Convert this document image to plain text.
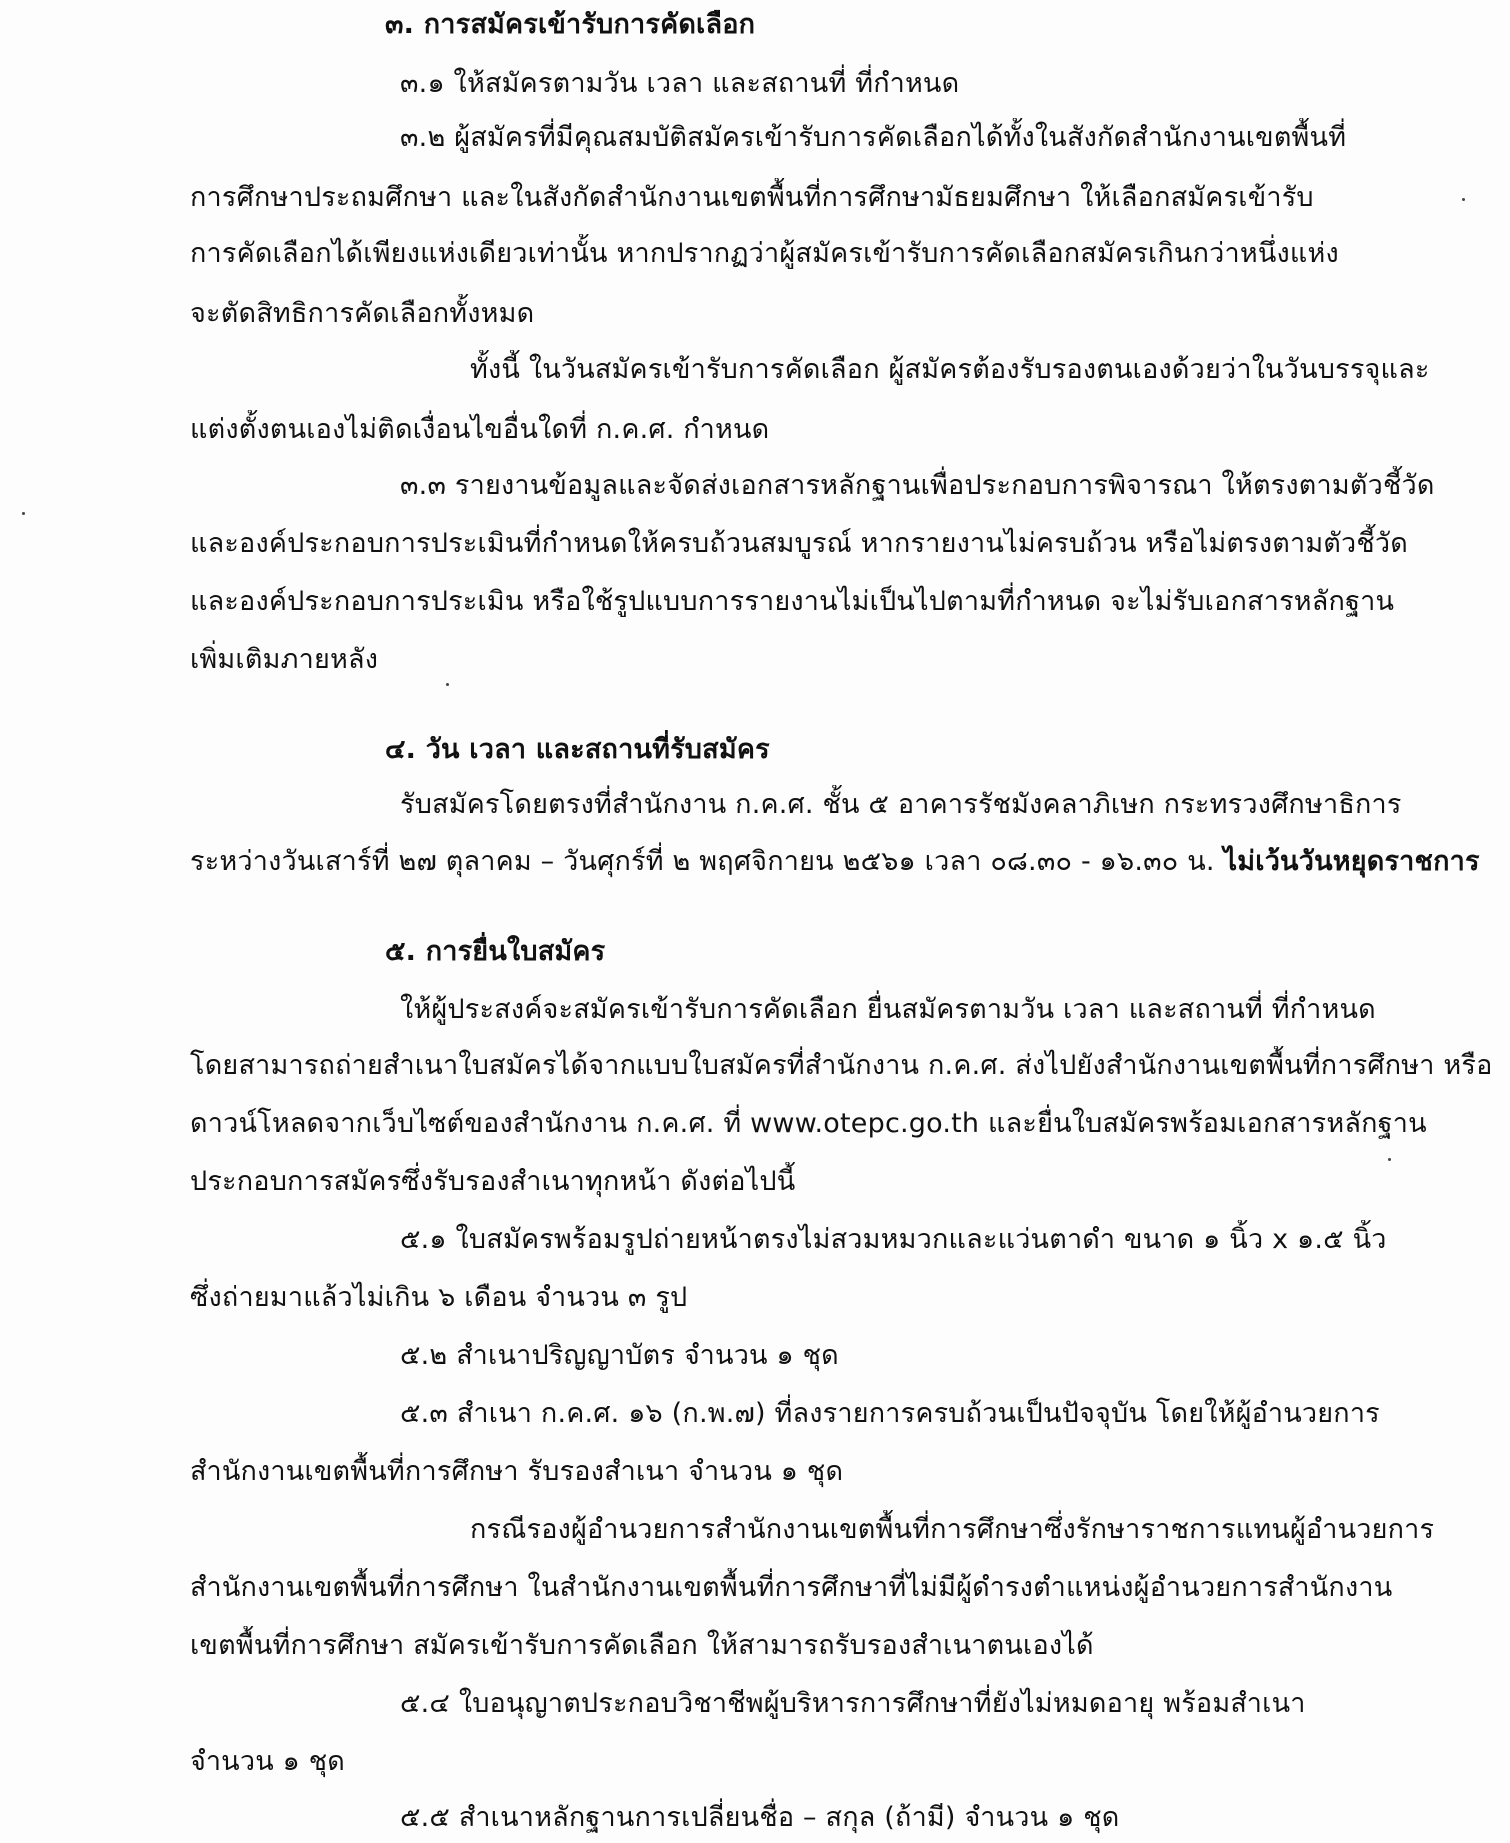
๓. การสมัครเข้ารับการคัดเลือก
๓.๑ ให้สมัครตามวัน เวลา และสถานที่ ที่กำหนด
๓.๒ ผู้สมัครที่มีคุณสมบัติสมัครเข้ารับการคัดเลือกได้ทั้งในสังกัดสำนักงานเขตพื้นที่
การศึกษาประถมศึกษา และในสังกัดสำนักงานเขตพื้นที่การศึกษามัธยมศึกษา ให้เลือกสมัครเข้ารับ
การคัดเลือกได้เพียงแห่งเดียวเท่านั้น หากปรากฏว่าผู้สมัครเข้ารับการคัดเลือกสมัครเกินกว่าหนึ่งแห่ง
จะตัดสิทธิการคัดเลือกทั้งหมด
ทั้งนี้ ในวันสมัครเข้ารับการคัดเลือก ผู้สมัครต้องรับรองตนเองด้วยว่าในวันบรรจุและ
แต่งตั้งตนเองไม่ติดเงื่อนไขอื่นใดที่ ก.ค.ศ. กำหนด
๓.๓ รายงานข้อมูลและจัดส่งเอกสารหลักฐานเพื่อประกอบการพิจารณา ให้ตรงตามตัวชี้วัด
และองค์ประกอบการประเมินที่กำหนดให้ครบถ้วนสมบูรณ์ หากรายงานไม่ครบถ้วน หรือไม่ตรงตามตัวชี้วัด
และองค์ประกอบการประเมิน หรือใช้รูปแบบการรายงานไม่เป็นไปตามที่กำหนด จะไม่รับเอกสารหลักฐาน
เพิ่มเติมภายหลัง
๔. วัน เวลา และสถานที่รับสมัคร
รับสมัครโดยตรงที่สำนักงาน ก.ค.ศ. ชั้น ๕ อาคารรัชมังคลาภิเษก กระทรวงศึกษาธิการ
ระหว่างวันเสาร์ที่ ๒๗ ตุลาคม – วันศุกร์ที่ ๒ พฤศจิกายน ๒๕๖๑ เวลา ๐๘.๓๐ - ๑๖.๓๐ น. ไม่เว้นวันหยุดราชการ
๕. การยื่นใบสมัคร
ให้ผู้ประสงค์จะสมัครเข้ารับการคัดเลือก ยื่นสมัครตามวัน เวลา และสถานที่ ที่กำหนด
โดยสามารถถ่ายสำเนาใบสมัครได้จากแบบใบสมัครที่สำนักงาน ก.ค.ศ. ส่งไปยังสำนักงานเขตพื้นที่การศึกษา หรือ
ดาวน์โหลดจากเว็บไซต์ของสำนักงาน ก.ค.ศ. ที่ www.otepc.go.th และยื่นใบสมัครพร้อมเอกสารหลักฐาน
ประกอบการสมัครซึ่งรับรองสำเนาทุกหน้า ดังต่อไปนี้
๕.๑ ใบสมัครพร้อมรูปถ่ายหน้าตรงไม่สวมหมวกและแว่นตาดำ ขนาด ๑ นิ้ว x ๑.๕ นิ้ว
ซึ่งถ่ายมาแล้วไม่เกิน ๖ เดือน จำนวน ๓ รูป
๕.๒ สำเนาปริญญาบัตร จำนวน ๑ ชุด
๕.๓ สำเนา ก.ค.ศ. ๑๖ (ก.พ.๗) ที่ลงรายการครบถ้วนเป็นปัจจุบัน โดยให้ผู้อำนวยการ
สำนักงานเขตพื้นที่การศึกษา รับรองสำเนา จำนวน ๑ ชุด
กรณีรองผู้อำนวยการสำนักงานเขตพื้นที่การศึกษาซึ่งรักษาราชการแทนผู้อำนวยการ
สำนักงานเขตพื้นที่การศึกษา ในสำนักงานเขตพื้นที่การศึกษาที่ไม่มีผู้ดำรงตำแหน่งผู้อำนวยการสำนักงาน
เขตพื้นที่การศึกษา สมัครเข้ารับการคัดเลือก ให้สามารถรับรองสำเนาตนเองได้
๕.๔ ใบอนุญาตประกอบวิชาชีพผู้บริหารการศึกษาที่ยังไม่หมดอายุ พร้อมสำเนา
จำนวน ๑ ชุด
๕.๕ สำเนาหลักฐานการเปลี่ยนชื่อ – สกุล (ถ้ามี) จำนวน ๑ ชุด
